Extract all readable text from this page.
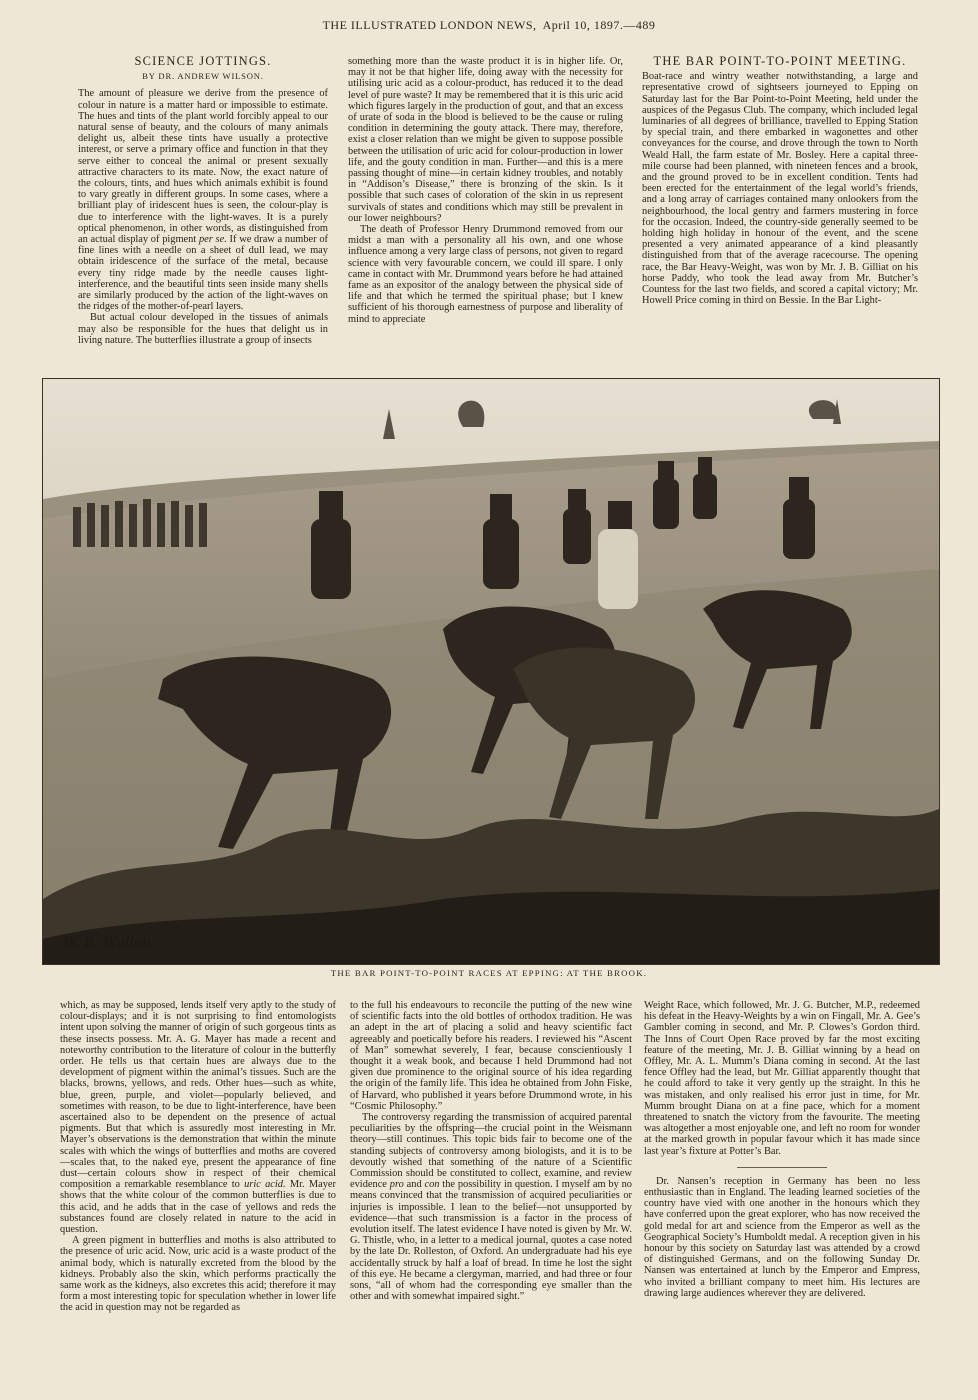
THE ILLUSTRATED LONDON NEWS, April 10, 1897.—489

SCIENCE JOTTINGS.

BY DR. ANDREW WILSON.

The amount of pleasure we derive from the presence of colour in nature is a matter hard or impossible to estimate. The hues and tints of the plant world forcibly appeal to our natural sense of beauty, and the colours of many animals delight us, albeit these tints have usually a protective interest, or serve a primary office and function in that they serve either to conceal the animal or present sexually attractive characters to its mate. Now, the exact nature of the colours, tints, and hues which animals exhibit is found to vary greatly in different groups. In some cases, where a brilliant play of iridescent hues is seen, the colour-play is due to interference with the light-waves. It is a purely optical phenomenon, in other words, as distinguished from an actual display of pigment per se. If we draw a number of fine lines with a needle on a sheet of dull lead, we may obtain iridescence of the surface of the metal, because every tiny ridge made by the needle causes light-interference, and the beautiful tints seen inside many shells are similarly produced by the action of the light-waves on the ridges of the mother-of-pearl layers.

But actual colour developed in the tissues of animals may also be responsible for the hues that delight us in living nature. The butterflies illustrate a group of insects

something more than the waste product it is in higher life. Or, may it not be that higher life, doing away with the necessity for utilising uric acid as a colour-product, has reduced it to the dead level of pure waste? It may be remembered that it is this uric acid which figures largely in the production of gout, and that an excess of urate of soda in the blood is believed to be the cause or ruling condition in determining the gouty attack. There may, therefore, exist a closer relation than we might be given to suppose possible between the utilisation of uric acid for colour-production in lower life, and the gouty condition in man. Further—and this is a mere passing thought of mine—in certain kidney troubles, and notably in “Addison’s Disease,” there is bronzing of the skin. Is it possible that such cases of coloration of the skin in us represent survivals of states and conditions which may still be prevalent in our lower neighbours?

The death of Professor Henry Drummond removed from our midst a man with a personality all his own, and one whose influence among a very large class of persons, not given to regard science with very favourable concern, we could ill spare. I only came in contact with Mr. Drummond years before he had attained fame as an expositor of the analogy between the physical side of life and that which he termed the spiritual phase; but I knew sufficient of his thorough earnestness of purpose and liberality of mind to appreciate

THE BAR POINT-TO-POINT MEETING.

Boat-race and wintry weather notwithstanding, a large and representative crowd of sightseers journeyed to Epping on Saturday last for the Bar Point-to-Point Meeting, held under the auspices of the Pegasus Club. The company, which included legal luminaries of all degrees of brilliance, travelled to Epping Station by special train, and there embarked in wagonettes and other conveyances for the course, and drove through the town to North Weald Hall, the farm estate of Mr. Bosley. Here a capital three-mile course had been planned, with nineteen fences and a brook, and the ground proved to be in excellent condition. Tents had been erected for the entertainment of the legal world’s friends, and a long array of carriages contained many onlookers from the neighbourhood, the local gentry and farmers mustering in force for the occasion. Indeed, the country-side generally seemed to be holding high holiday in honour of the event, and the scene presented a very animated appearance of a kind pleasantly distinguished from that of the average racecourse. The opening race, the Bar Heavy-Weight, was won by Mr. J. B. Gilliat on his horse Paddy, who took the lead away from Mr. Butcher’s Countess for the last two fields, and scored a capital victory; Mr. Howell Price coming in third on Bessie. In the Bar Light-

W. B. Wollen
THE BAR POINT-TO-POINT RACES AT EPPING: AT THE BROOK.

which, as may be supposed, lends itself very aptly to the study of colour-displays; and it is not surprising to find entomologists intent upon solving the manner of origin of such gorgeous tints as these insects possess. Mr. A. G. Mayer has made a recent and noteworthy contribution to the literature of colour in the butterfly order. He tells us that certain hues are always due to the development of pigment within the animal’s tissues. Such are the blacks, browns, yellows, and reds. Other hues—such as white, blue, green, purple, and violet—popularly believed, and sometimes with reason, to be due to light-interference, have been ascertained also to be dependent on the presence of actual pigments. But that which is assuredly most interesting in Mr. Mayer’s observations is the demonstration that within the minute scales with which the wings of butterflies and moths are covered—scales that, to the naked eye, present the appearance of fine dust—certain colours show in respect of their chemical composition a remarkable resemblance to uric acid. Mr. Mayer shows that the white colour of the common butterflies is due to this acid, and he adds that in the case of yellows and reds the substances found are closely related in nature to the acid in question.

A green pigment in butterflies and moths is also attributed to the presence of uric acid. Now, uric acid is a waste product of the animal body, which is naturally excreted from the blood by the kidneys. Probably also the skin, which performs practically the same work as the kidneys, also excretes this acid; therefore it may form a most interesting topic for speculation whether in lower life the acid in question may not be regarded as

to the full his endeavours to reconcile the putting of the new wine of scientific facts into the old bottles of orthodox tradition. He was an adept in the art of placing a solid and heavy scientific fact agreeably and poetically before his readers. I reviewed his “Ascent of Man” somewhat severely, I fear, because conscientiously I thought it a weak book, and because I held Drummond had not given due prominence to the original source of his idea regarding the origin of the family life. This idea he obtained from John Fiske, of Harvard, who published it years before Drummond wrote, in his “Cosmic Philosophy.”

The controversy regarding the transmission of acquired parental peculiarities by the offspring—the crucial point in the Weismann theory—still continues. This topic bids fair to become one of the standing subjects of controversy among biologists, and it is to be devoutly wished that something of the nature of a Scientific Commission should be constituted to collect, examine, and review evidence pro and con the possibility in question. I myself am by no means convinced that the transmission of acquired peculiarities or injuries is impossible. I lean to the belief—not unsupported by evidence—that such transmission is a factor in the process of evolution itself. The latest evidence I have noted is given by Mr. W. G. Thistle, who, in a letter to a medical journal, quotes a case noted by the late Dr. Rolleston, of Oxford. An undergraduate had his eye accidentally struck by half a loaf of bread. In time he lost the sight of this eye. He became a clergyman, married, and had three or four sons, “all of whom had the corresponding eye smaller than the other and with somewhat impaired sight.”

Weight Race, which followed, Mr. J. G. Butcher, M.P., redeemed his defeat in the Heavy-Weights by a win on Fingall, Mr. A. Gee’s Gambler coming in second, and Mr. P. Clowes’s Gordon third. The Inns of Court Open Race proved by far the most exciting feature of the meeting, Mr. J. B. Gilliat winning by a head on Offley, Mr. A. L. Mumm’s Diana coming in second. At the last fence Offley had the lead, but Mr. Gilliat apparently thought that he could afford to take it very gently up the straight. In this he was mistaken, and only realised his error just in time, for Mr. Mumm brought Diana on at a fine pace, which for a moment threatened to snatch the victory from the favourite. The meeting was altogether a most enjoyable one, and left no room for wonder at the marked growth in popular favour which it has made since last year’s fixture at Potter’s Bar.

Dr. Nansen’s reception in Germany has been no less enthusiastic than in England. The leading learned societies of the country have vied with one another in the honours which they have conferred upon the great explorer, who has now received the gold medal for art and science from the Emperor as well as the Geographical Society’s Humboldt medal. A reception given in his honour by this society on Saturday last was attended by a crowd of distinguished Germans, and on the following Sunday Dr. Nansen was entertained at lunch by the Emperor and Empress, who invited a brilliant company to meet him. His lectures are drawing large audiences wherever they are delivered.
